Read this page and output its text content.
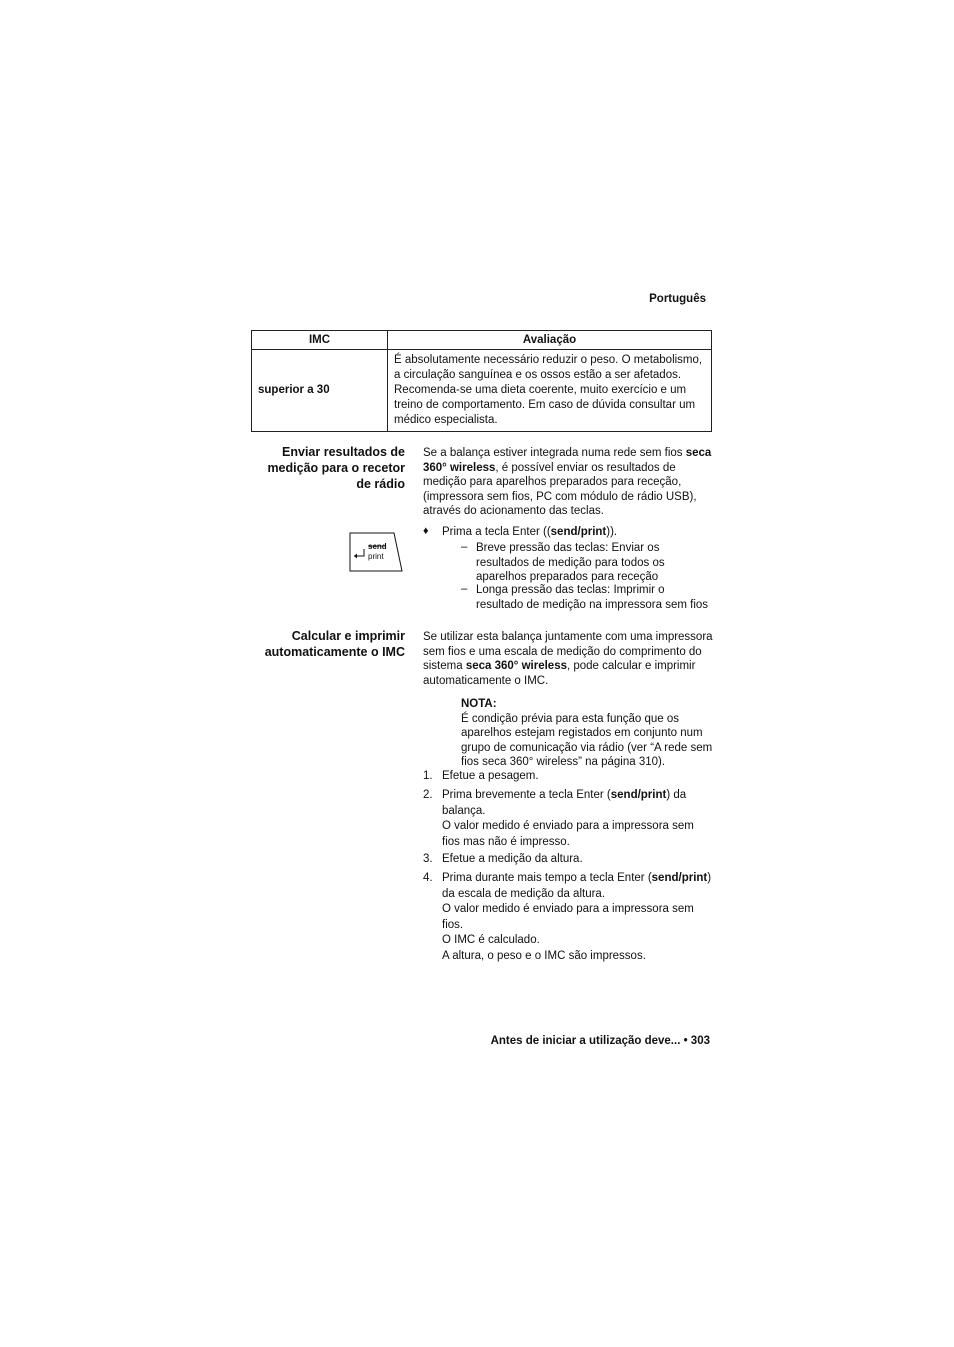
Português
IMC	Avaliação
superior a 30	É absolutamente necessário reduzir o peso. O metabolismo, a circulação sanguínea e os ossos estão a ser afetados. Recomenda-se uma dieta coerente, muito exercício e um treino de comportamento. Em caso de dúvida consultar um médico especialista.
Enviar resultados de
medição para o recetor
de rádio

Se a balança estiver integrada numa rede sem fios seca 360° wireless, é possível enviar os resultados de medição para aparelhos preparados para receção, (impressora sem fios, PC com módulo de rádio USB), através do acionamento das teclas.

send
print
♦ Prima a tecla Enter ((send/print)).
– Breve pressão das teclas: Enviar os resultados de medição para todos os aparelhos preparados para receção
– Longa pressão das teclas: Imprimir o resultado de medição na impressora sem fios
Calcular e imprimir
automaticamente o IMC

Se utilizar esta balança juntamente com uma impressora sem fios e uma escala de medição do comprimento do sistema seca 360° wireless, pode calcular e imprimir automaticamente o IMC.

NOTA:
É condição prévia para esta função que os aparelhos estejam registados em conjunto num grupo de comunicação via rádio (ver “A rede sem fios seca 360° wireless” na página 310).
1. Efetue a pesagem.
2. Prima brevemente a tecla Enter (send/print) da balança.
O valor medido é enviado para a impressora sem fios mas não é impresso.
3. Efetue a medição da altura.
4. Prima durante mais tempo a tecla Enter (send/print) da escala de medição da altura.
O valor medido é enviado para a impressora sem fios.
O IMC é calculado.
A altura, o peso e o IMC são impressos.
Antes de iniciar a utilização deve... • 303
